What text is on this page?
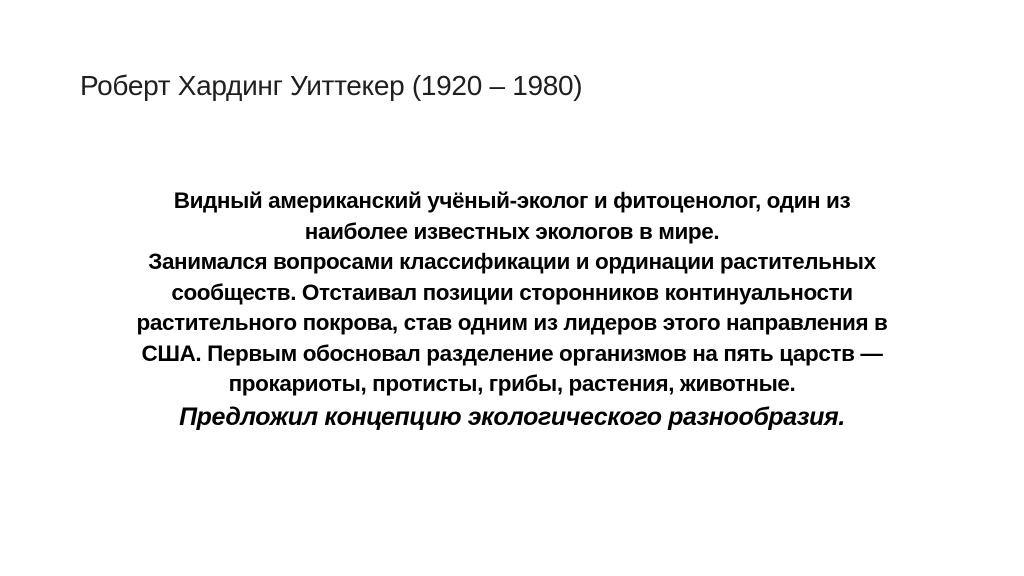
Роберт Хардинг Уиттекер (1920 – 1980)
Видный американский учёный-эколог и фитоценолог, один из
наиболее известных экологов в мире.
Занимался вопросами классификации и ординации растительных
сообществ. Отстаивал позиции сторонников континуальности
растительного покрова, став одним из лидеров этого направления в
США. Первым обосновал разделение организмов на пять царств —
прокариоты, протисты, грибы, растения, животные.
Предложил концепцию экологического разнообразия.
